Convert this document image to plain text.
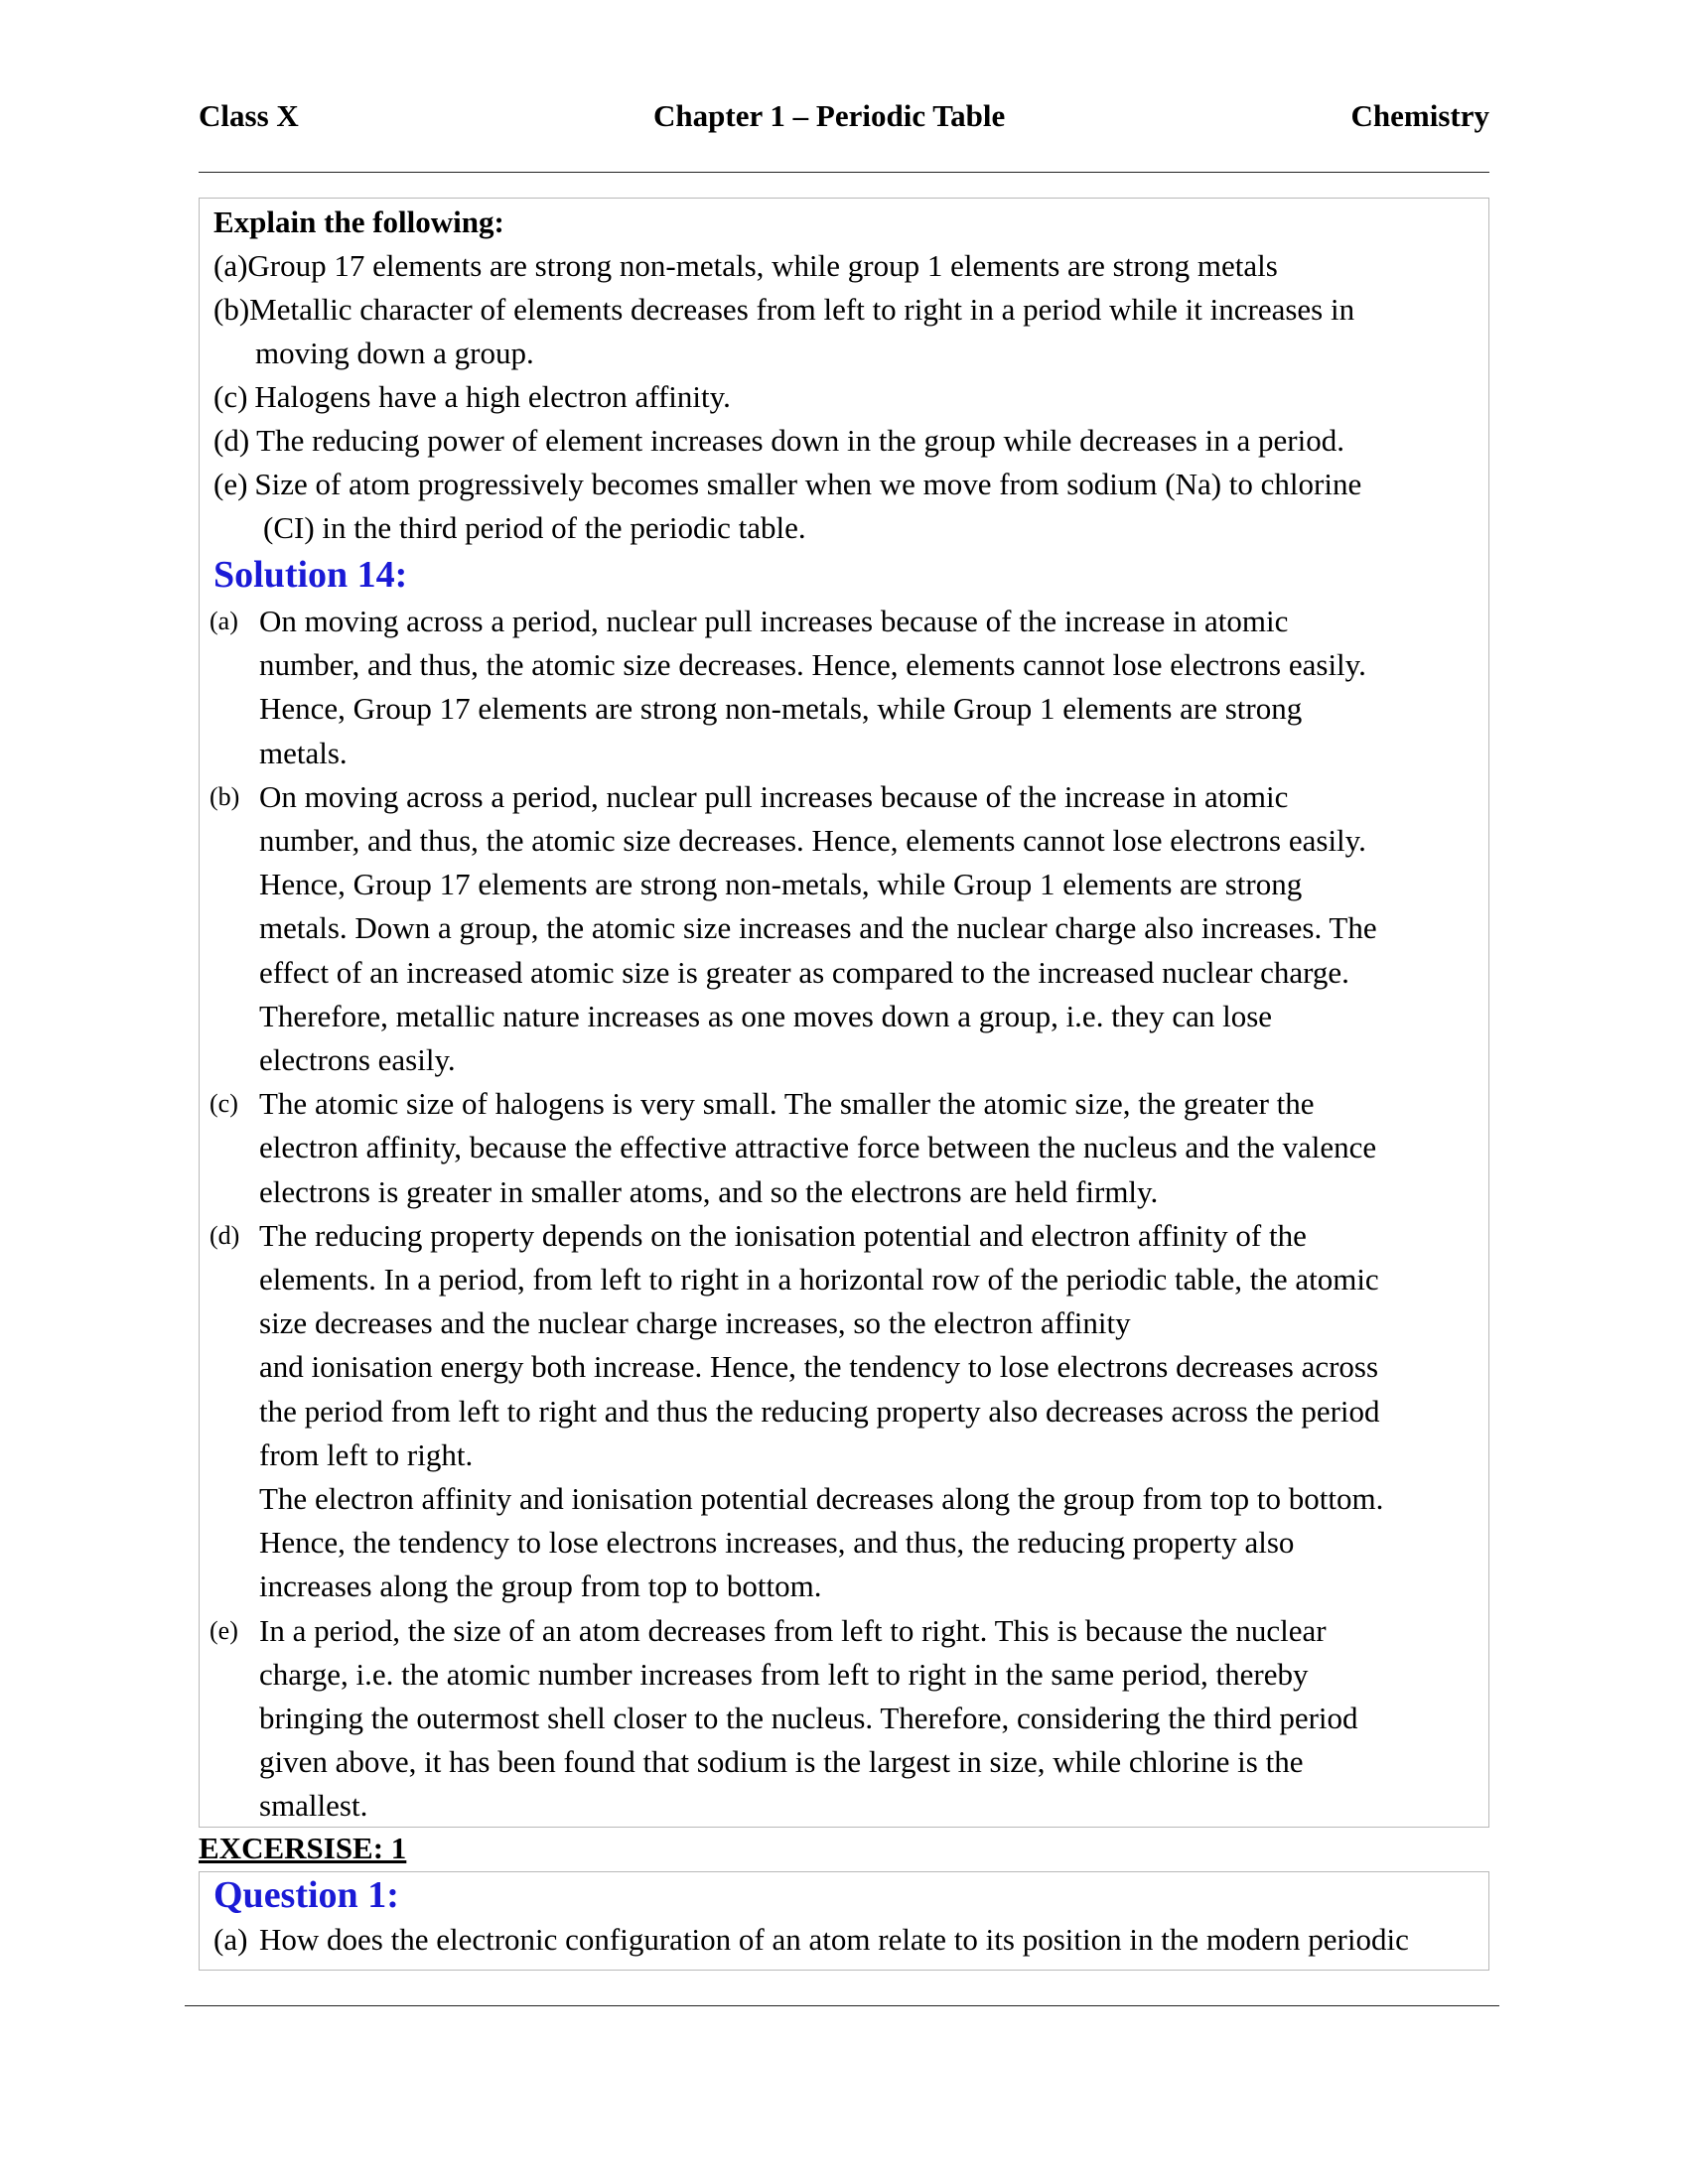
Class X	Chapter 1 – Periodic Table	Chemistry
Explain the following:
(a) Group 17 elements are strong non-metals, while group 1 elements are strong metals
(b) Metallic character of elements decreases from left to right in a period while it increases in
moving down a group.
(c) Halogens have a high electron affinity.
(d) The reducing power of element increases down in the group while decreases in a period.
(e) Size of atom progressively becomes smaller when we move from sodium (Na) to chlorine
(CI) in the third period of the periodic table.
Solution 14:
(a) On moving across a period, nuclear pull increases because of the increase in atomic
number, and thus, the atomic size decreases. Hence, elements cannot lose electrons easily.
Hence, Group 17 elements are strong non-metals, while Group 1 elements are strong
metals.
(b) On moving across a period, nuclear pull increases because of the increase in atomic
number, and thus, the atomic size decreases. Hence, elements cannot lose electrons easily.
Hence, Group 17 elements are strong non-metals, while Group 1 elements are strong
metals. Down a group, the atomic size increases and the nuclear charge also increases. The
effect of an increased atomic size is greater as compared to the increased nuclear charge.
Therefore, metallic nature increases as one moves down a group, i.e. they can lose
electrons easily.
(c) The atomic size of halogens is very small. The smaller the atomic size, the greater the
electron affinity, because the effective attractive force between the nucleus and the valence
electrons is greater in smaller atoms, and so the electrons are held firmly.
(d) The reducing property depends on the ionisation potential and electron affinity of the
elements. In a period, from left to right in a horizontal row of the periodic table, the atomic
size decreases and the nuclear charge increases, so the electron affinity
and ionisation energy both increase. Hence, the tendency to lose electrons decreases across
the period from left to right and thus the reducing property also decreases across the period
from left to right.
The electron affinity and ionisation potential decreases along the group from top to bottom.
Hence, the tendency to lose electrons increases, and thus, the reducing property also
increases along the group from top to bottom.
(e) In a period, the size of an atom decreases from left to right. This is because the nuclear
charge, i.e. the atomic number increases from left to right in the same period, thereby
bringing the outermost shell closer to the nucleus. Therefore, considering the third period
given above, it has been found that sodium is the largest in size, while chlorine is the
smallest.
EXCERSISE: 1
Question 1:
(a) How does the electronic configuration of an atom relate to its position in the modern periodic
